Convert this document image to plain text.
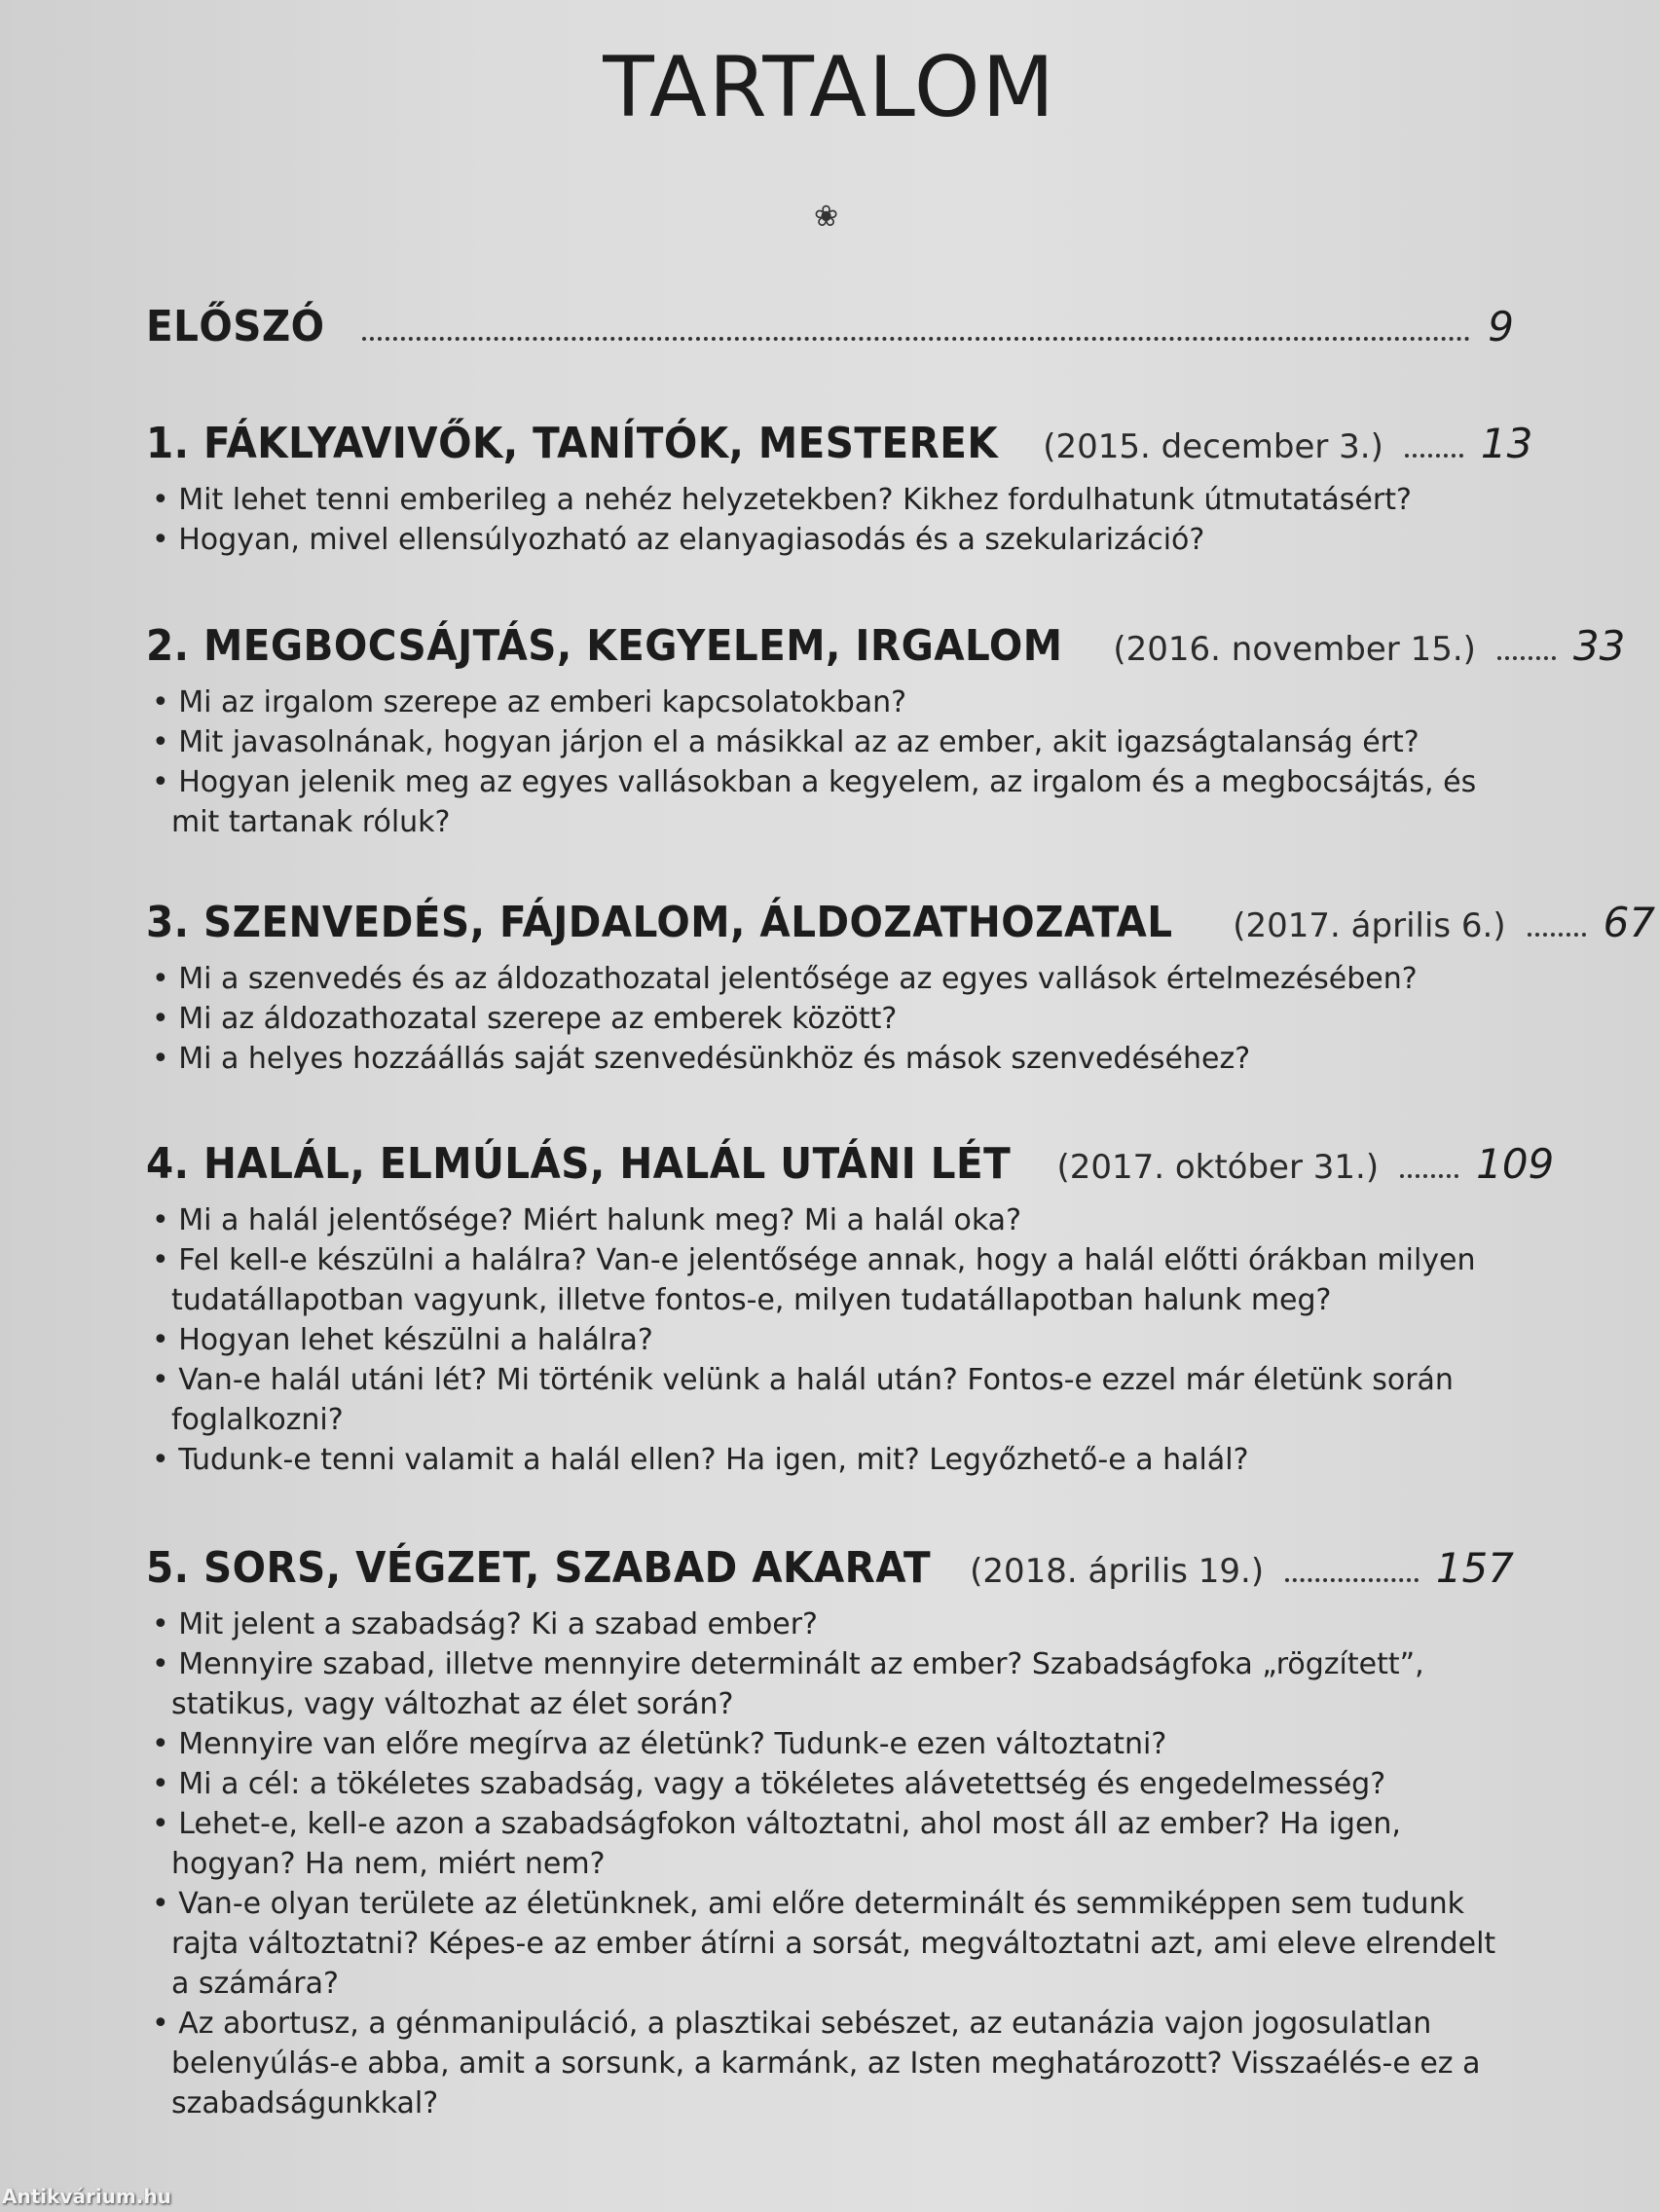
TARTALOM
❀
ELŐSZÓ	9
1. FÁKLYAVIVŐK, TANÍTÓK, MESTEREK (2015. december 3.) 13
• Mit lehet tenni emberileg a nehéz helyzetekben? Kikhez fordulhatunk útmutatásért?
• Hogyan, mivel ellensúlyozható az elanyagiasodás és a szekularizáció?
2. MEGBOCSÁJTÁS, KEGYELEM, IRGALOM (2016. november 15.) 33
• Mi az irgalom szerepe az emberi kapcsolatokban?
• Mit javasolnának, hogyan járjon el a másikkal az az ember, akit igazságtalanság ért?
• Hogyan jelenik meg az egyes vallásokban a kegyelem, az irgalom és a megbocsájtás, és mit tartanak róluk?
3. SZENVEDÉS, FÁJDALOM, ÁLDOZATHOZATAL (2017. április 6.) 67
• Mi a szenvedés és az áldozathozatal jelentősége az egyes vallások értelmezésében?
• Mi az áldozathozatal szerepe az emberek között?
• Mi a helyes hozzáállás saját szenvedésünkhöz és mások szenvedéséhez?
4. HALÁL, ELMÚLÁS, HALÁL UTÁNI LÉT (2017. október 31.) 109
• Mi a halál jelentősége? Miért halunk meg? Mi a halál oka?
• Fel kell-e készülni a halálra? Van-e jelentősége annak, hogy a halál előtti órákban milyen tudatállapotban vagyunk, illetve fontos-e, milyen tudatállapotban halunk meg?
• Hogyan lehet készülni a halálra?
• Van-e halál utáni lét? Mi történik velünk a halál után? Fontos-e ezzel már életünk során foglalkozni?
• Tudunk-e tenni valamit a halál ellen? Ha igen, mit? Legyőzhető-e a halál?
5. SORS, VÉGZET, SZABAD AKARAT (2018. április 19.)	157
• Mit jelent a szabadság? Ki a szabad ember?
• Mennyire szabad, illetve mennyire determinált az ember? Szabadságfoka „rögzített”, statikus, vagy változhat az élet során?
• Mennyire van előre megírva az életünk? Tudunk-e ezen változtatni?
• Mi a cél: a tökéletes szabadság, vagy a tökéletes alávetettség és engedelmesség?
• Lehet-e, kell-e azon a szabadságfokon változtatni, ahol most áll az ember? Ha igen, hogyan? Ha nem, miért nem?
• Van-e olyan területe az életünknek, ami előre determinált és semmiképpen sem tudunk rajta változtatni? Képes-e az ember átírni a sorsát, megváltoztatni azt, ami eleve elrendelt a számára?
• Az abortusz, a génmanipuláció, a plasztikai sebészet, az eutanázia vajon jogosulatlan belenyúlás-e abba, amit a sorsunk, a karmánk, az Isten meghatározott? Visszaélés-e ez a szabadságunkkal?
Antikvárium.hu
